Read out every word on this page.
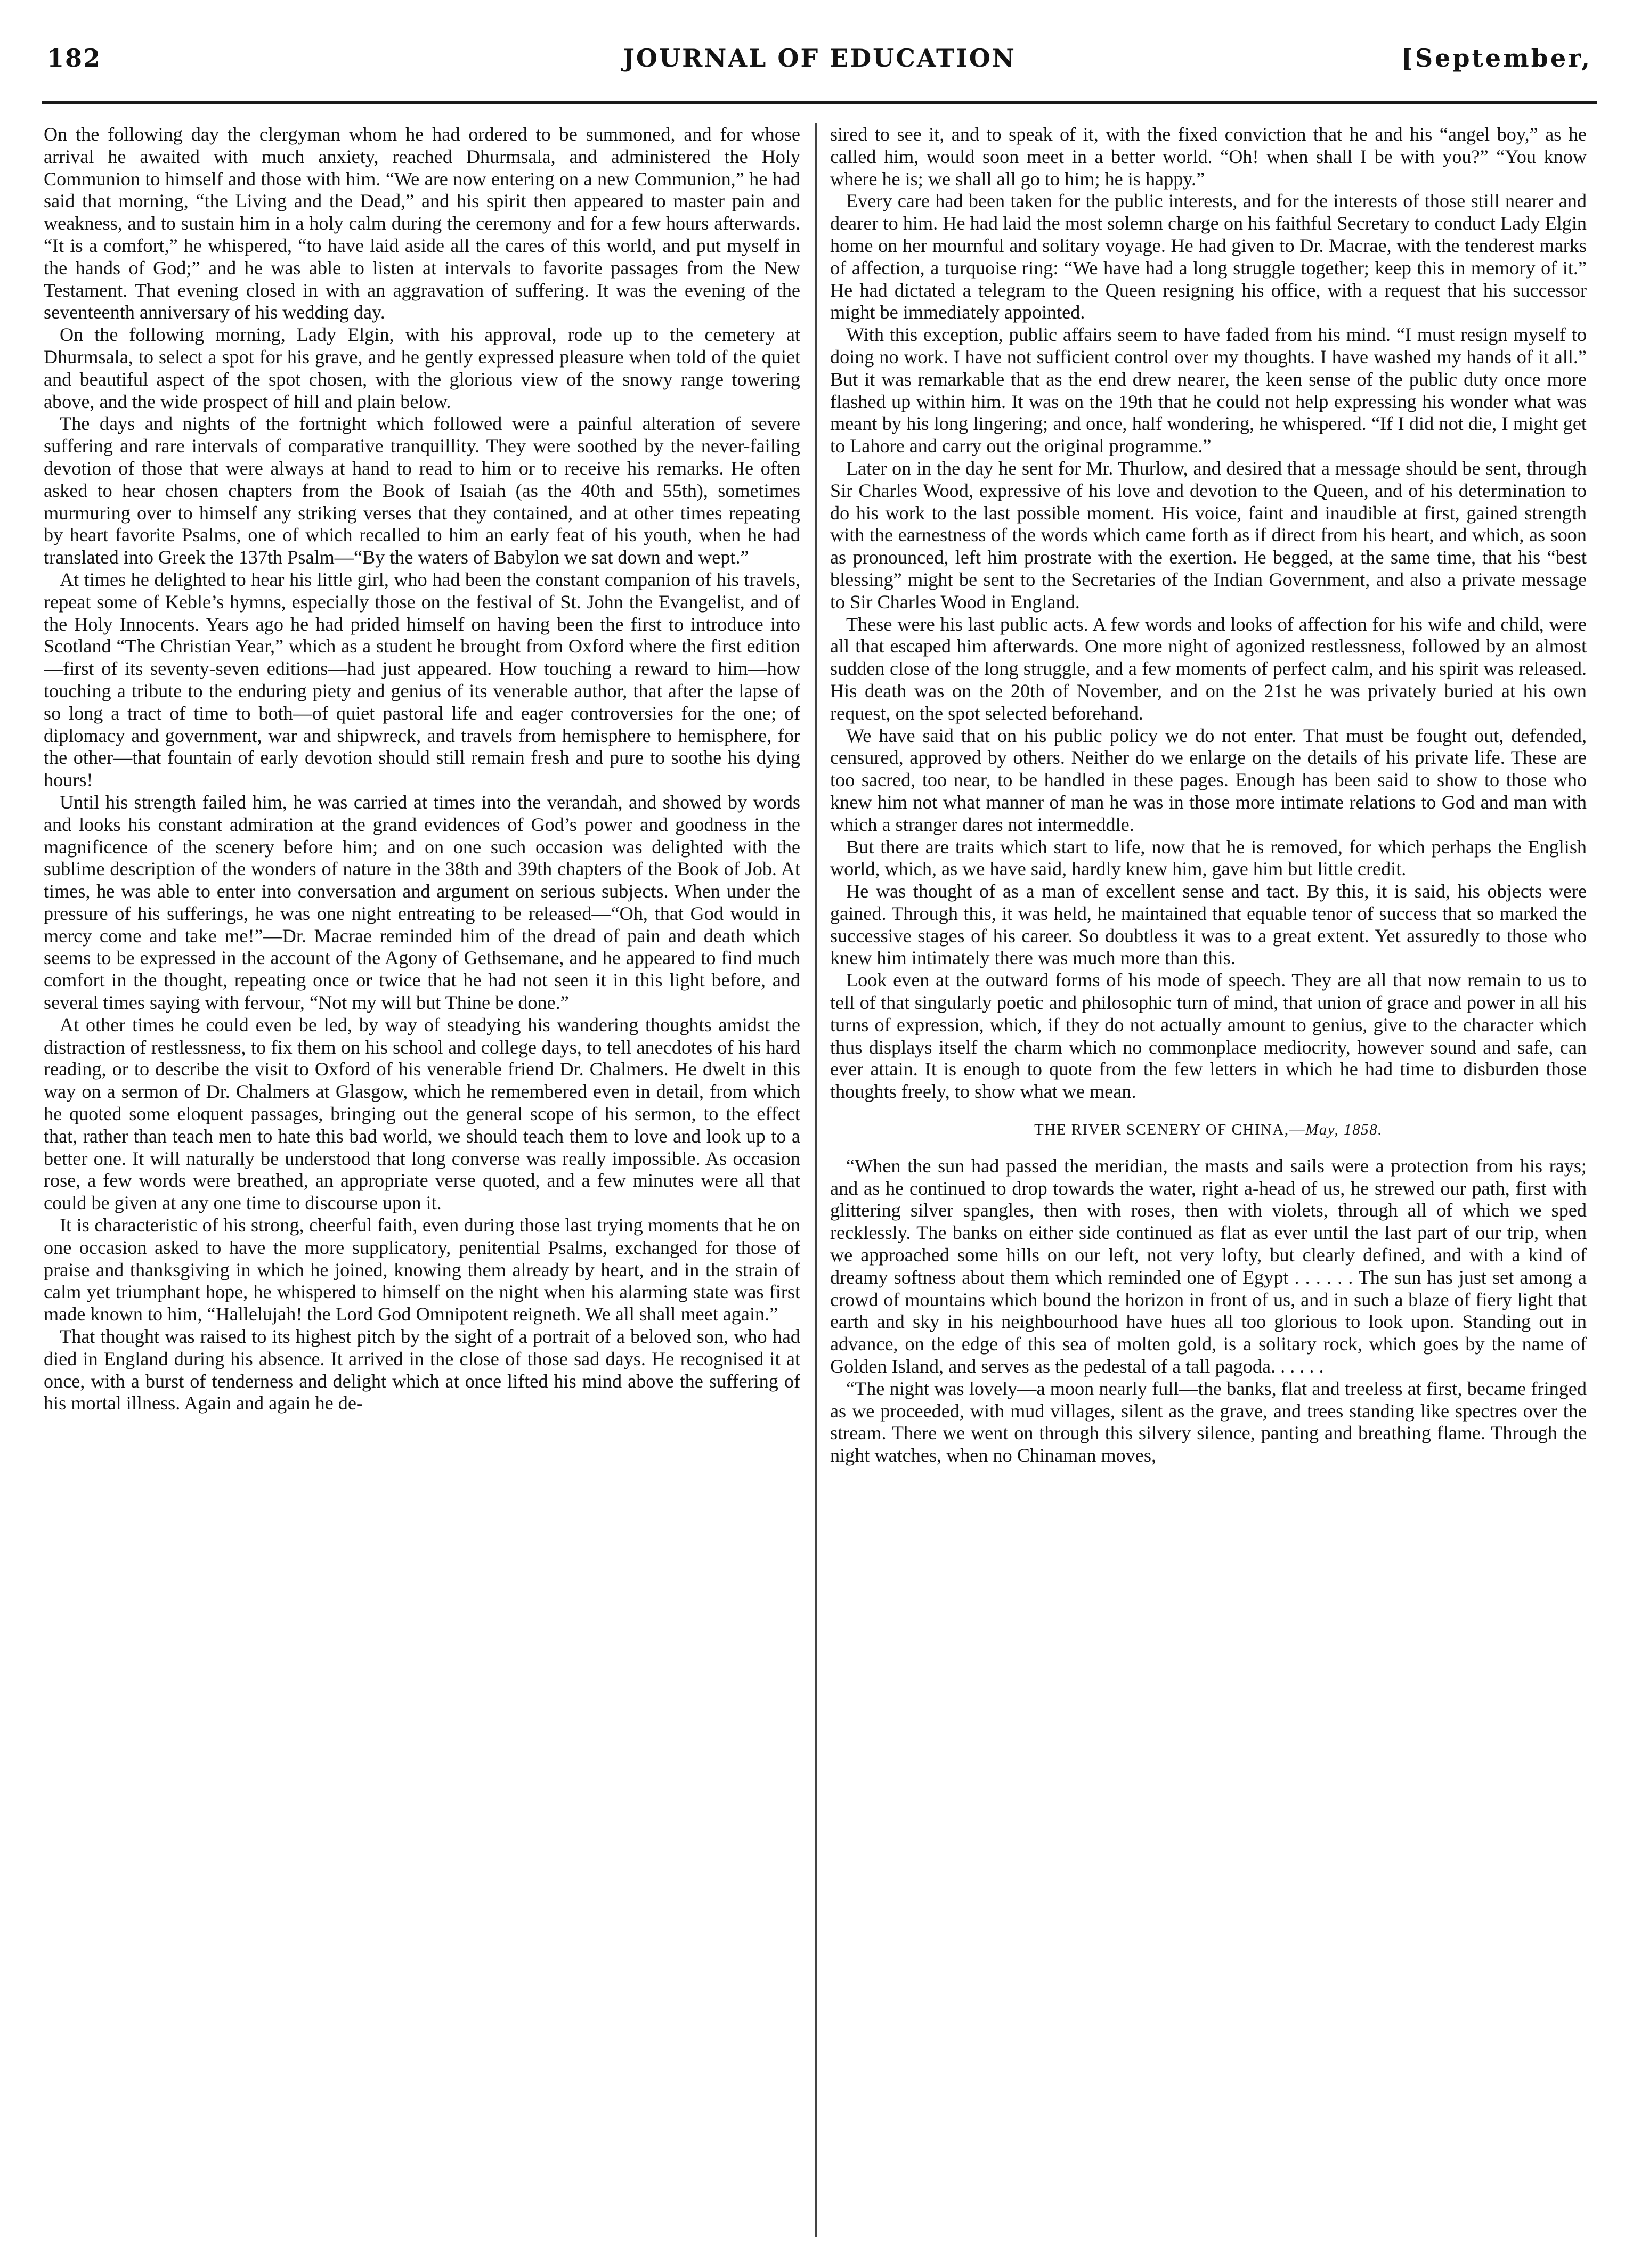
182	JOURNAL OF EDUCATION	[September,

On the following day the clergyman whom he had ordered to be summoned, and for whose arrival he awaited with much anxiety, reached Dhurmsala, and administered the Holy Communion to himself and those with him. “We are now entering on a new Communion,” he had said that morning, “the Living and the Dead,” and his spirit then appeared to master pain and weakness, and to sustain him in a holy calm during the ceremony and for a few hours afterwards. “It is a comfort,” he whispered, “to have laid aside all the cares of this world, and put myself in the hands of God;” and he was able to listen at intervals to favorite passages from the New Testament. That evening closed in with an aggravation of suffering. It was the evening of the seventeenth anniversary of his wedding day.

On the following morning, Lady Elgin, with his approval, rode up to the cemetery at Dhurmsala, to select a spot for his grave, and he gently expressed pleasure when told of the quiet and beautiful aspect of the spot chosen, with the glorious view of the snowy range towering above, and the wide prospect of hill and plain below.

The days and nights of the fortnight which followed were a painful alteration of severe suffering and rare intervals of comparative tranquillity. They were soothed by the never-failing devotion of those that were always at hand to read to him or to receive his remarks. He often asked to hear chosen chapters from the Book of Isaiah (as the 40th and 55th), sometimes murmuring over to himself any striking verses that they contained, and at other times repeating by heart favorite Psalms, one of which recalled to him an early feat of his youth, when he had translated into Greek the 137th Psalm—“By the waters of Babylon we sat down and wept.”

At times he delighted to hear his little girl, who had been the constant companion of his travels, repeat some of Keble’s hymns, especially those on the festival of St. John the Evangelist, and of the Holy Innocents. Years ago he had prided himself on having been the first to introduce into Scotland “The Christian Year,” which as a student he brought from Oxford where the first edition—first of its seventy-seven editions—had just appeared. How touching a reward to him—how touching a tribute to the enduring piety and genius of its venerable author, that after the lapse of so long a tract of time to both—of quiet pastoral life and eager controversies for the one; of diplomacy and government, war and shipwreck, and travels from hemisphere to hemisphere, for the other—that fountain of early devotion should still remain fresh and pure to soothe his dying hours!

Until his strength failed him, he was carried at times into the verandah, and showed by words and looks his constant admiration at the grand evidences of God’s power and goodness in the magnificence of the scenery before him; and on one such occasion was delighted with the sublime description of the wonders of nature in the 38th and 39th chapters of the Book of Job. At times, he was able to enter into conversation and argument on serious subjects. When under the pressure of his sufferings, he was one night entreating to be released—“Oh, that God would in mercy come and take me!”—Dr. Macrae reminded him of the dread of pain and death which seems to be expressed in the account of the Agony of Gethsemane, and he appeared to find much comfort in the thought, repeating once or twice that he had not seen it in this light before, and several times saying with fervour, “Not my will but Thine be done.”

At other times he could even be led, by way of steadying his wandering thoughts amidst the distraction of restlessness, to fix them on his school and college days, to tell anecdotes of his hard reading, or to describe the visit to Oxford of his venerable friend Dr. Chalmers. He dwelt in this way on a sermon of Dr. Chalmers at Glasgow, which he remembered even in detail, from which he quoted some eloquent passages, bringing out the general scope of his sermon, to the effect that, rather than teach men to hate this bad world, we should teach them to love and look up to a better one. It will naturally be understood that long converse was really impossible. As occasion rose, a few words were breathed, an appropriate verse quoted, and a few minutes were all that could be given at any one time to discourse upon it.

It is characteristic of his strong, cheerful faith, even during those last trying moments that he on one occasion asked to have the more supplicatory, penitential Psalms, exchanged for those of praise and thanksgiving in which he joined, knowing them already by heart, and in the strain of calm yet triumphant hope, he whispered to himself on the night when his alarming state was first made known to him, “Hallelujah! the Lord God Omnipotent reigneth. We all shall meet again.”

That thought was raised to its highest pitch by the sight of a portrait of a beloved son, who had died in England during his absence. It arrived in the close of those sad days. He recognised it at once, with a burst of tenderness and delight which at once lifted his mind above the suffering of his mortal illness. Again and again he de-

sired to see it, and to speak of it, with the fixed conviction that he and his “angel boy,” as he called him, would soon meet in a better world. “Oh! when shall I be with you?” “You know where he is; we shall all go to him; he is happy.”

Every care had been taken for the public interests, and for the interests of those still nearer and dearer to him. He had laid the most solemn charge on his faithful Secretary to conduct Lady Elgin home on her mournful and solitary voyage. He had given to Dr. Macrae, with the tenderest marks of affection, a turquoise ring: “We have had a long struggle together; keep this in memory of it.” He had dictated a telegram to the Queen resigning his office, with a request that his successor might be immediately appointed.

With this exception, public affairs seem to have faded from his mind. “I must resign myself to doing no work. I have not sufficient control over my thoughts. I have washed my hands of it all.” But it was remarkable that as the end drew nearer, the keen sense of the public duty once more flashed up within him. It was on the 19th that he could not help expressing his wonder what was meant by his long lingering; and once, half wondering, he whispered. “If I did not die, I might get to Lahore and carry out the original programme.”

Later on in the day he sent for Mr. Thurlow, and desired that a message should be sent, through Sir Charles Wood, expressive of his love and devotion to the Queen, and of his determination to do his work to the last possible moment. His voice, faint and inaudible at first, gained strength with the earnestness of the words which came forth as if direct from his heart, and which, as soon as pronounced, left him prostrate with the exertion. He begged, at the same time, that his “best blessing” might be sent to the Secretaries of the Indian Government, and also a private message to Sir Charles Wood in England.

These were his last public acts. A few words and looks of affection for his wife and child, were all that escaped him afterwards. One more night of agonized restlessness, followed by an almost sudden close of the long struggle, and a few moments of perfect calm, and his spirit was released. His death was on the 20th of November, and on the 21st he was privately buried at his own request, on the spot selected beforehand.

We have said that on his public policy we do not enter. That must be fought out, defended, censured, approved by others. Neither do we enlarge on the details of his private life. These are too sacred, too near, to be handled in these pages. Enough has been said to show to those who knew him not what manner of man he was in those more intimate relations to God and man with which a stranger dares not intermeddle.

But there are traits which start to life, now that he is removed, for which perhaps the English world, which, as we have said, hardly knew him, gave him but little credit.

He was thought of as a man of excellent sense and tact. By this, it is said, his objects were gained. Through this, it was held, he maintained that equable tenor of success that so marked the successive stages of his career. So doubtless it was to a great extent. Yet assuredly to those who knew him intimately there was much more than this.

Look even at the outward forms of his mode of speech. They are all that now remain to us to tell of that singularly poetic and philosophic turn of mind, that union of grace and power in all his turns of expression, which, if they do not actually amount to genius, give to the character which thus displays itself the charm which no commonplace mediocrity, however sound and safe, can ever attain. It is enough to quote from the few letters in which he had time to disburden those thoughts freely, to show what we mean.

THE RIVER SCENERY OF CHINA,—May, 1858.

“When the sun had passed the meridian, the masts and sails were a protection from his rays; and as he continued to drop towards the water, right a-head of us, he strewed our path, first with glittering silver spangles, then with roses, then with violets, through all of which we sped recklessly. The banks on either side continued as flat as ever until the last part of our trip, when we approached some hills on our left, not very lofty, but clearly defined, and with a kind of dreamy softness about them which reminded one of Egypt . . . . . . The sun has just set among a crowd of mountains which bound the horizon in front of us, and in such a blaze of fiery light that earth and sky in his neighbourhood have hues all too glorious to look upon. Standing out in advance, on the edge of this sea of molten gold, is a solitary rock, which goes by the name of Golden Island, and serves as the pedestal of a tall pagoda. . . . . .

“The night was lovely—a moon nearly full—the banks, flat and treeless at first, became fringed as we proceeded, with mud villages, silent as the grave, and trees standing like spectres over the stream. There we went on through this silvery silence, panting and breathing flame. Through the night watches, when no Chinaman moves,
